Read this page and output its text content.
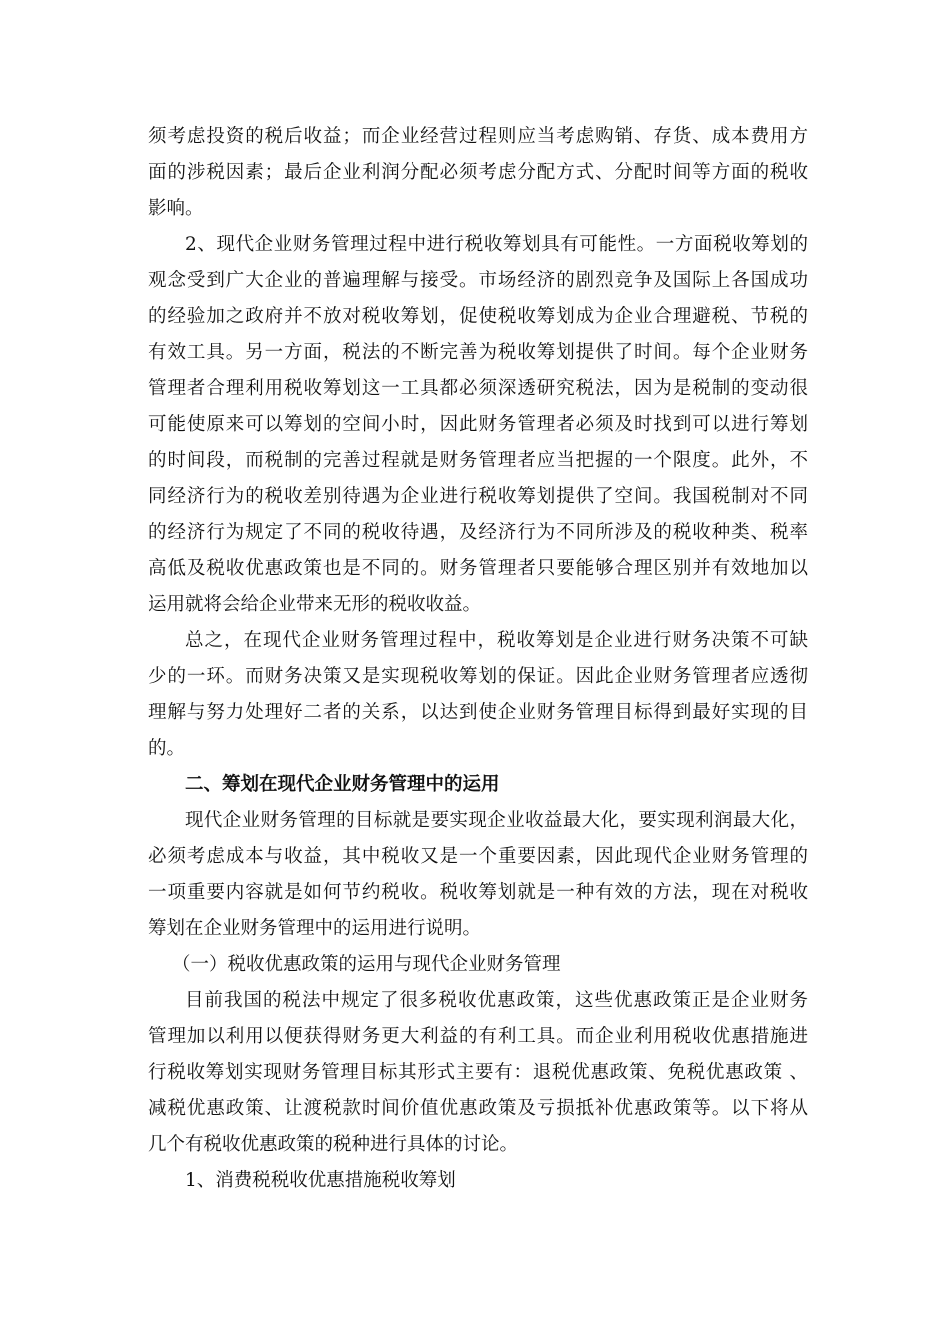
须考虑投资的税后收益；而企业经营过程则应当考虑购销、存货、成本费用方
面的涉税因素；最后企业利润分配必须考虑分配方式、分配时间等方面的税收
影响。
2、现代企业财务管理过程中进行税收筹划具有可能性。一方面税收筹划的
观念受到广大企业的普遍理解与接受。市场经济的剧烈竞争及国际上各国成功
的经验加之政府并不放对税收筹划，促使税收筹划成为企业合理避税、节税的
有效工具。另一方面，税法的不断完善为税收筹划提供了时间。每个企业财务
管理者合理利用税收筹划这一工具都必须深透研究税法，因为是税制的变动很
可能使原来可以筹划的空间小时，因此财务管理者必须及时找到可以进行筹划
的时间段，而税制的完善过程就是财务管理者应当把握的一个限度。此外，不
同经济行为的税收差别待遇为企业进行税收筹划提供了空间。我国税制对不同
的经济行为规定了不同的税收待遇，及经济行为不同所涉及的税收种类、税率
高低及税收优惠政策也是不同的。财务管理者只要能够合理区别并有效地加以
运用就将会给企业带来无形的税收收益。
总之，在现代企业财务管理过程中，税收筹划是企业进行财务决策不可缺
少的一环。而财务决策又是实现税收筹划的保证。因此企业财务管理者应透彻
理解与努力处理好二者的关系，以达到使企业财务管理目标得到最好实现的目
的。
二、筹划在现代企业财务管理中的运用
现代企业财务管理的目标就是要实现企业收益最大化，要实现利润最大化，
必须考虑成本与收益，其中税收又是一个重要因素，因此现代企业财务管理的
一项重要内容就是如何节约税收。税收筹划就是一种有效的方法，现在对税收
筹划在企业财务管理中的运用进行说明。
（一）税收优惠政策的运用与现代企业财务管理
目前我国的税法中规定了很多税收优惠政策，这些优惠政策正是企业财务
管理加以利用以便获得财务更大利益的有利工具。而企业利用税收优惠措施进
行税收筹划实现财务管理目标其形式主要有：退税优惠政策、免税优惠政策 、
减税优惠政策、让渡税款时间价值优惠政策及亏损抵补优惠政策等。以下将从
几个有税收优惠政策的税种进行具体的讨论。
1、消费税税收优惠措施税收筹划
